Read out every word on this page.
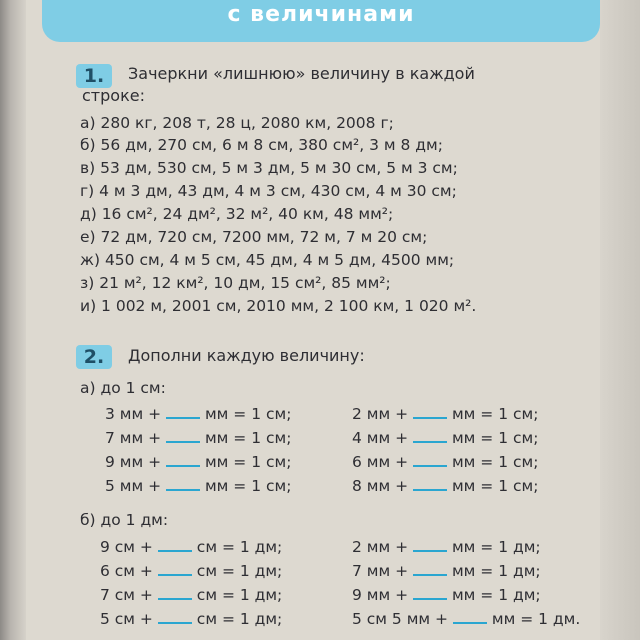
с величинами
1.	Зачеркни «лишнюю» величину в каждой
строке:
а) 280 кг, 208 т, 28 ц, 2080 км, 2008 г;
б) 56 дм, 270 см, 6 м 8 см, 380 см², 3 м 8 дм;
в) 53 дм, 530 см, 5 м 3 дм, 5 м 30 см, 5 м 3 см;
г) 4 м 3 дм, 43 дм, 4 м 3 см, 430 см, 4 м 30 см;
д) 16 см², 24 дм², 32 м², 40 км, 48 мм²;
е) 72 дм, 720 см, 7200 мм, 72 м, 7 м 20 см;
ж) 450 см, 4 м 5 см, 45 дм, 4 м 5 дм, 4500 мм;
з) 21 м², 12 км², 10 дм, 15 см², 85 мм²;
и) 1 002 м, 2001 см, 2010 мм, 2 100 км, 1 020 м².
2.	Дополни каждую величину:
а) до 1 см:
3 мм +	мм = 1 см;
7 мм +	мм = 1 см;
9 мм +	мм = 1 см;
5 мм +	мм = 1 см;
2 мм +	мм = 1 см;
4 мм +	мм = 1 см;
6 мм +	мм = 1 см;
8 мм +	мм = 1 см;
б) до 1 дм:
9 см +	см = 1 дм;
6 см +	см = 1 дм;
7 см +	см = 1 дм;
5 см +	см = 1 дм;
2 мм +	мм = 1 дм;
7 мм +	мм = 1 дм;
9 мм +	мм = 1 дм;
5 см 5 мм +	мм = 1 дм.
